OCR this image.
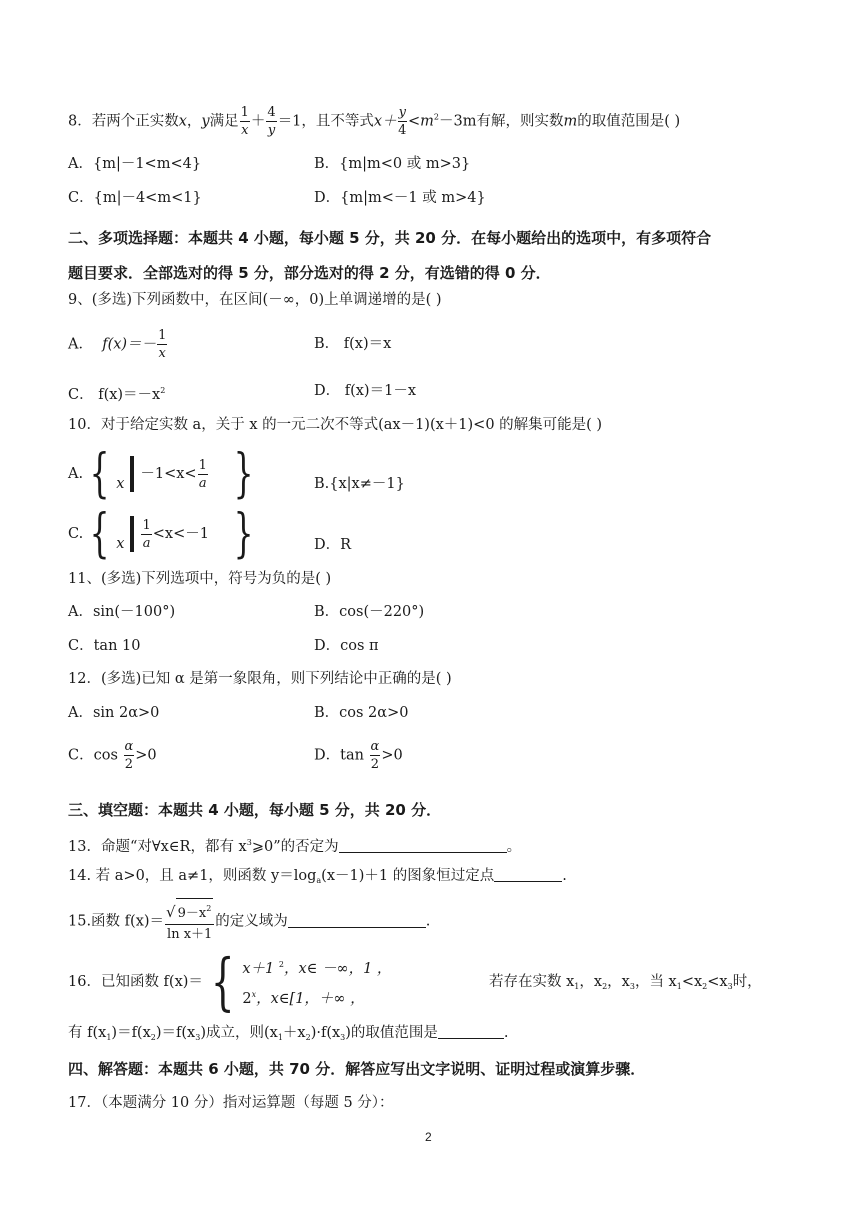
8．若两个正实数x，y满足 $\frac{1}{x} + \frac{4}{y} =1$，且不等式$x+ \frac{y}{4} <m^2-3m$有解，则实数m的取值范围是( )
A．{m|－1<m<4}	B．{m|m<0 或 m>3}
C．{m|－4<m<1}	D．{m|m<－1 或 m>4}
二、多项选择题：本题共 4 小题，每小题 5 分，共 20 分．在每小题给出的选项中，有多项符合
题目要求．全部选对的得 5 分，部分选对的得 2 分，有选错的得 0 分．
9、(多选)下列函数中，在区间(－∞，0)上单调递增的是( )
A． $f(x)=- \frac{1}{x}$	B． f(x)＝x
C． $f(x)=-x^2$	D． f(x)＝1－x
10．对于给定实数 a，关于 x 的一元二次不等式(ax－1)(x＋1)<0 的解集可能是( )
A. { $x-1<x< \frac{1}{a}$ }	B.{x|x≠－1}
C. { x $\frac{1}{a} <x<-1$ }	D．R
11、(多选)下列选项中，符号为负的是( )
A．sin(－100°)	B．cos(－220°)
C．tan 10	D．cos π
12．(多选)已知 α 是第一象限角，则下列结论中正确的是( )
A．sin 2α>0	B．cos 2α>0
C．$\cos \frac{\alpha}{2} >0$	D．$\tan \frac{\alpha}{2} >0$
三、填空题：本题共 4 小题，每小题 5 分，共 20 分．
13．命题“对∀x∈R，都有 $x^3⩾0$”的否定为	。
14. 若 a>0，且 a≠1，则函数 $y=\log_a(x-1)+1$ 的图象恒过定点	.
15.函数 $f(x)= \frac{√ 9-x^2}{\text{ln x＋1}}$ 的定义域为	.
16．已知函数 f(x)＝ { x＋1 $^2$，x∈ －∞，1 ，
2$^x$，x∈[1，＋∞ ，
若存在实数 $x_1$，$x_2$，$x_3$，当 $x_1<x_2<x_3$时，
有 $f(x_1)=f(x_2)=f(x_3)$成立，则$(x_1+x_2)\cdot f(x_3)$的取值范围是	.
四、解答题：本题共 6 小题，共 70 分．解答应写出文字说明、证明过程或演算步骤．
17．（本题满分 10 分）指对运算题（每题 5 分）：
2
